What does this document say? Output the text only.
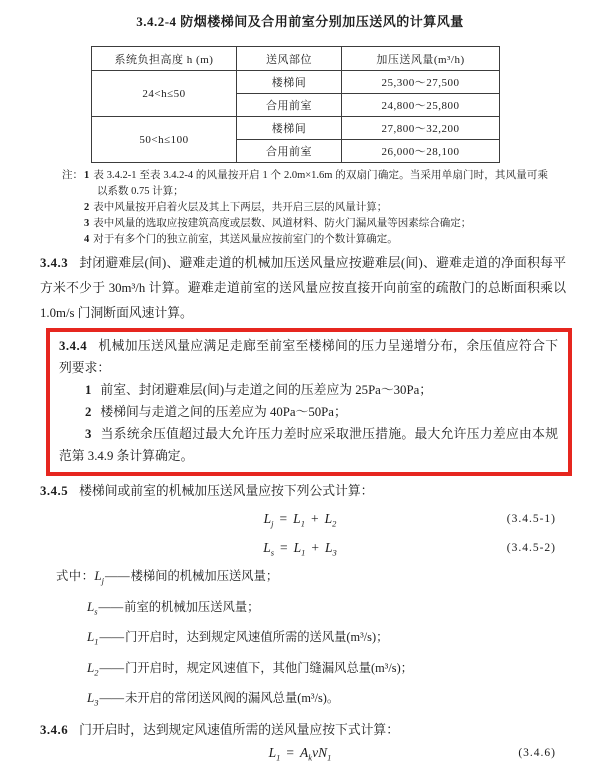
3.4.2-4 防烟楼梯间及合用前室分别加压送风的计算风量
系统负担高度 h (m)	送风部位	加压送风量(m³/h)
24<h≤50	楼梯间	25,300～27,500
	合用前室	24,800～25,800
50<h≤100	楼梯间	27,800～32,200
	合用前室	26,000～28,100
注： 1 表 3.4.2-1 至表 3.4.2-4 的风量按开启 1 个 2.0m×1.6m 的双扇门确定。当采用单扇门时，其风量可乘以系数 0.75 计算；
2 表中风量按开启着火层及其上下两层，共开启三层的风量计算；
3 表中风量的选取应按建筑高度或层数、风道材料、防火门漏风量等因素综合确定；
4 对于有多个门的独立前室，其送风量应按前室门的个数计算确定。

3.4.3 封闭避难层(间)、避难走道的机械加压送风量应按避难层(间)、避难走道的净面积每平方米不少于 30m³/h 计算。避难走道前室的送风量应按直接开向前室的疏散门的总断面积乘以 1.0m/s 门洞断面风速计算。

3.4.4 机械加压送风量应满足走廊至前室至楼梯间的压力呈递增分布，余压值应符合下列要求：

1 前室、封闭避难层(间)与走道之间的压差应为 25Pa～30Pa；

2 楼梯间与走道之间的压差应为 40Pa～50Pa；

3 当系统余压值超过最大允许压力差时应采取泄压措施。最大允许压力差应由本规范第 3.4.9 条计算确定。

3.4.5 楼梯间或前室的机械加压送风量应按下列公式计算：

$L_j = L_1 + L_2$	(3.4.5-1)
$L_s = L_1 + L_3$	(3.4.5-2)
式中：$L_j——$楼梯间的机械加压送风量；
$L_s——$前室的机械加压送风量；
$L_1——$门开启时，达到规定风速值所需的送风量(m³/s)；
$L_2——$门开启时，规定风速值下，其他门缝漏风总量(m³/s)；
$L_3——$未开启的常闭送风阀的漏风总量(m³/s)。

3.4.6 门开启时，达到规定风速值所需的送风量应按下式计算：

$L_1 = A_kvN_1$	(3.4.6)
